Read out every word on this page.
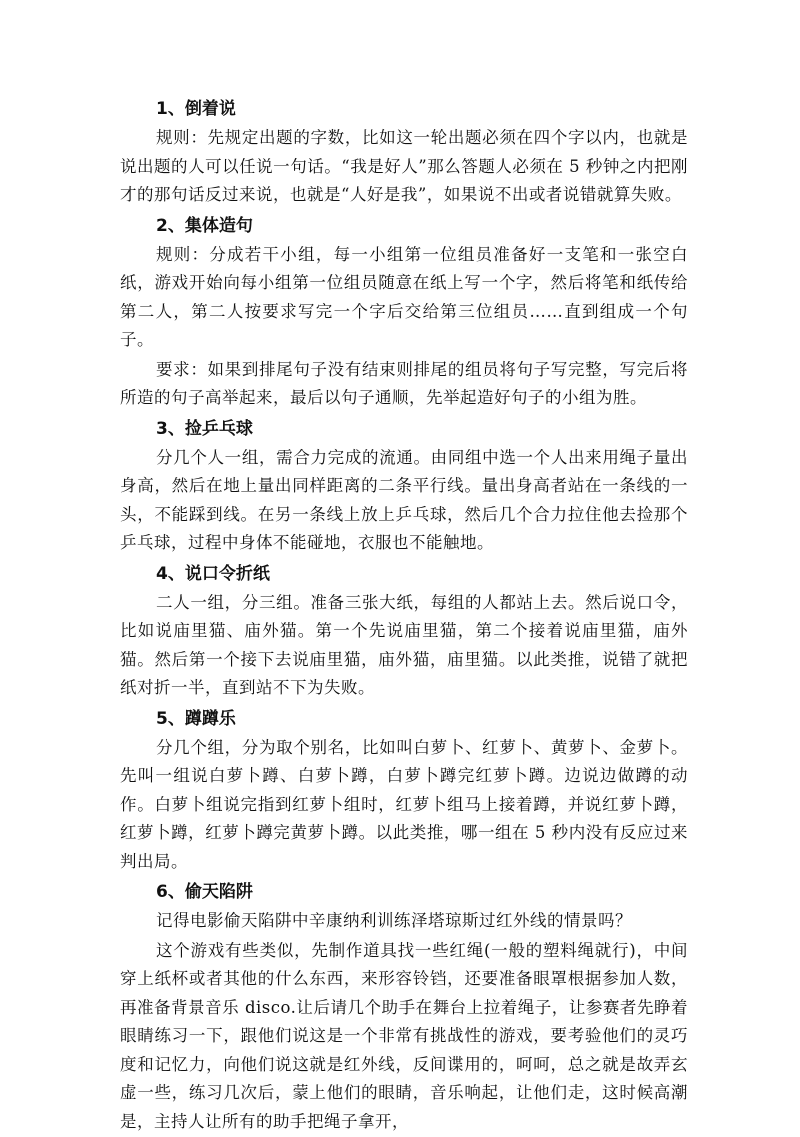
1、倒着说

规则：先规定出题的字数，比如这一轮出题必须在四个字以内，也就是说出题的人可以任说一句话。“我是好人”那么答题人必须在 5 秒钟之内把刚才的那句话反过来说，也就是“人好是我”，如果说不出或者说错就算失败。

2、集体造句

规则：分成若干小组，每一小组第一位组员准备好一支笔和一张空白纸，游戏开始向每小组第一位组员随意在纸上写一个字，然后将笔和纸传给第二人，第二人按要求写完一个字后交给第三位组员……直到组成一个句子。

要求：如果到排尾句子没有结束则排尾的组员将句子写完整，写完后将所造的句子高举起来，最后以句子通顺，先举起造好句子的小组为胜。

3、捡乒乓球

分几个人一组，需合力完成的流通。由同组中选一个人出来用绳子量出身高，然后在地上量出同样距离的二条平行线。量出身高者站在一条线的一头，不能踩到线。在另一条线上放上乒乓球，然后几个合力拉住他去捡那个乒乓球，过程中身体不能碰地，衣服也不能触地。

4、说口令折纸

二人一组，分三组。准备三张大纸，每组的人都站上去。然后说口令，比如说庙里猫、庙外猫。第一个先说庙里猫，第二个接着说庙里猫，庙外猫。然后第一个接下去说庙里猫，庙外猫，庙里猫。以此类推，说错了就把纸对折一半，直到站不下为失败。

5、蹲蹲乐

分几个组，分为取个别名，比如叫白萝卜、红萝卜、黄萝卜、金萝卜。先叫一组说白萝卜蹲、白萝卜蹲，白萝卜蹲完红萝卜蹲。边说边做蹲的动作。白萝卜组说完指到红萝卜组时，红萝卜组马上接着蹲，并说红萝卜蹲，红萝卜蹲，红萝卜蹲完黄萝卜蹲。以此类推，哪一组在 5 秒内没有反应过来判出局。

6、偷天陷阱

记得电影偷天陷阱中辛康纳利训练泽塔琼斯过红外线的情景吗？

这个游戏有些类似，先制作道具找一些红绳(一般的塑料绳就行)，中间穿上纸杯或者其他的什么东西，来形容铃铛，还要准备眼罩根据参加人数，再准备背景音乐 disco.让后请几个助手在舞台上拉着绳子，让参赛者先睁着眼睛练习一下，跟他们说这是一个非常有挑战性的游戏，要考验他们的灵巧度和记忆力，向他们说这就是红外线，反间谍用的，呵呵，总之就是故弄玄虚一些，练习几次后，蒙上他们的眼睛，音乐响起，让他们走，这时候高潮是，主持人让所有的助手把绳子拿开，
